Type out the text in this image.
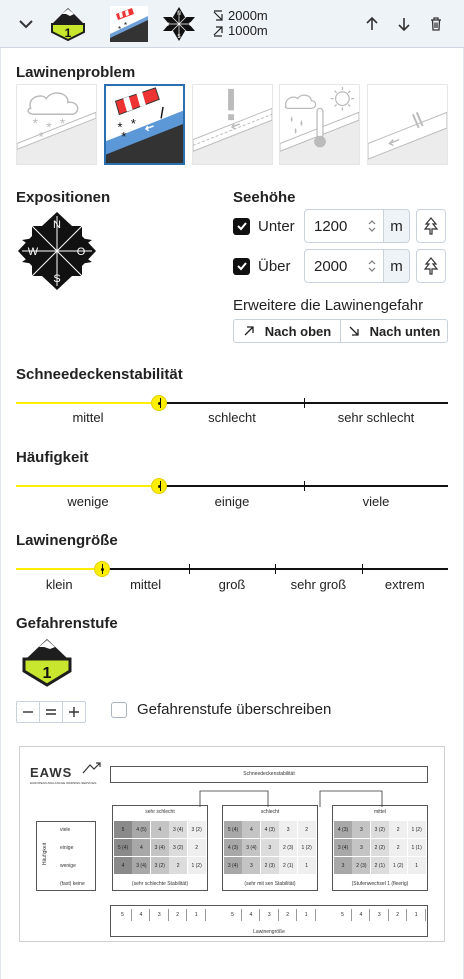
1	* *
N
O
S
W
2000m
1000m
Lawinenproblem
* * *
*
* *
*
Expositionen
N
O
S
W
Seehöhe
Unter	1200	m
Über	2000	m
Erweitere die Lawinengefahr
Nach oben	Nach unten
Schneedeckenstabilität
mittel	schlecht	sehr schlecht
Häufigkeit
wenige	einige	viele
Lawinengröße
klein	mittel	groß	sehr groß	extrem
Gefahrenstufe
1
Gefahrenstufe überschreiben
EAWS
EUROPEAN AVALANCHE WARNING SERVICES
Schneedeckenstabilität
Häufigkeit
viele
einige
wenige
(fast) keine
sehr schlecht
5	4 (5)	4	3 (4)	3 (2)
5 (4)	4	3 (4)	3 (2)	2
4	3 (4)	3 (2)	2	1 (2)
(sehr schlechte Stabilität)
schlecht
5 (4)	4	4 (3)	3	2
4 (3)	3 (4)	3	2 (3)	1 (2)
3 (4)	3	2 (3)	2 (1)	1
(sehr mit sen Stabilität)
mittel
4 (3)	3	3 (2)	2	1 (2)
3 (4)	3	2 (2)	2	1 (1)
3	2 (3)	2 (1)	1 (2)	1
(Stufenwechsel 1 (fleerig)
Lawinengröße
5	4	3	2	1	5	4	3	2	1	5	4	3	2	1
